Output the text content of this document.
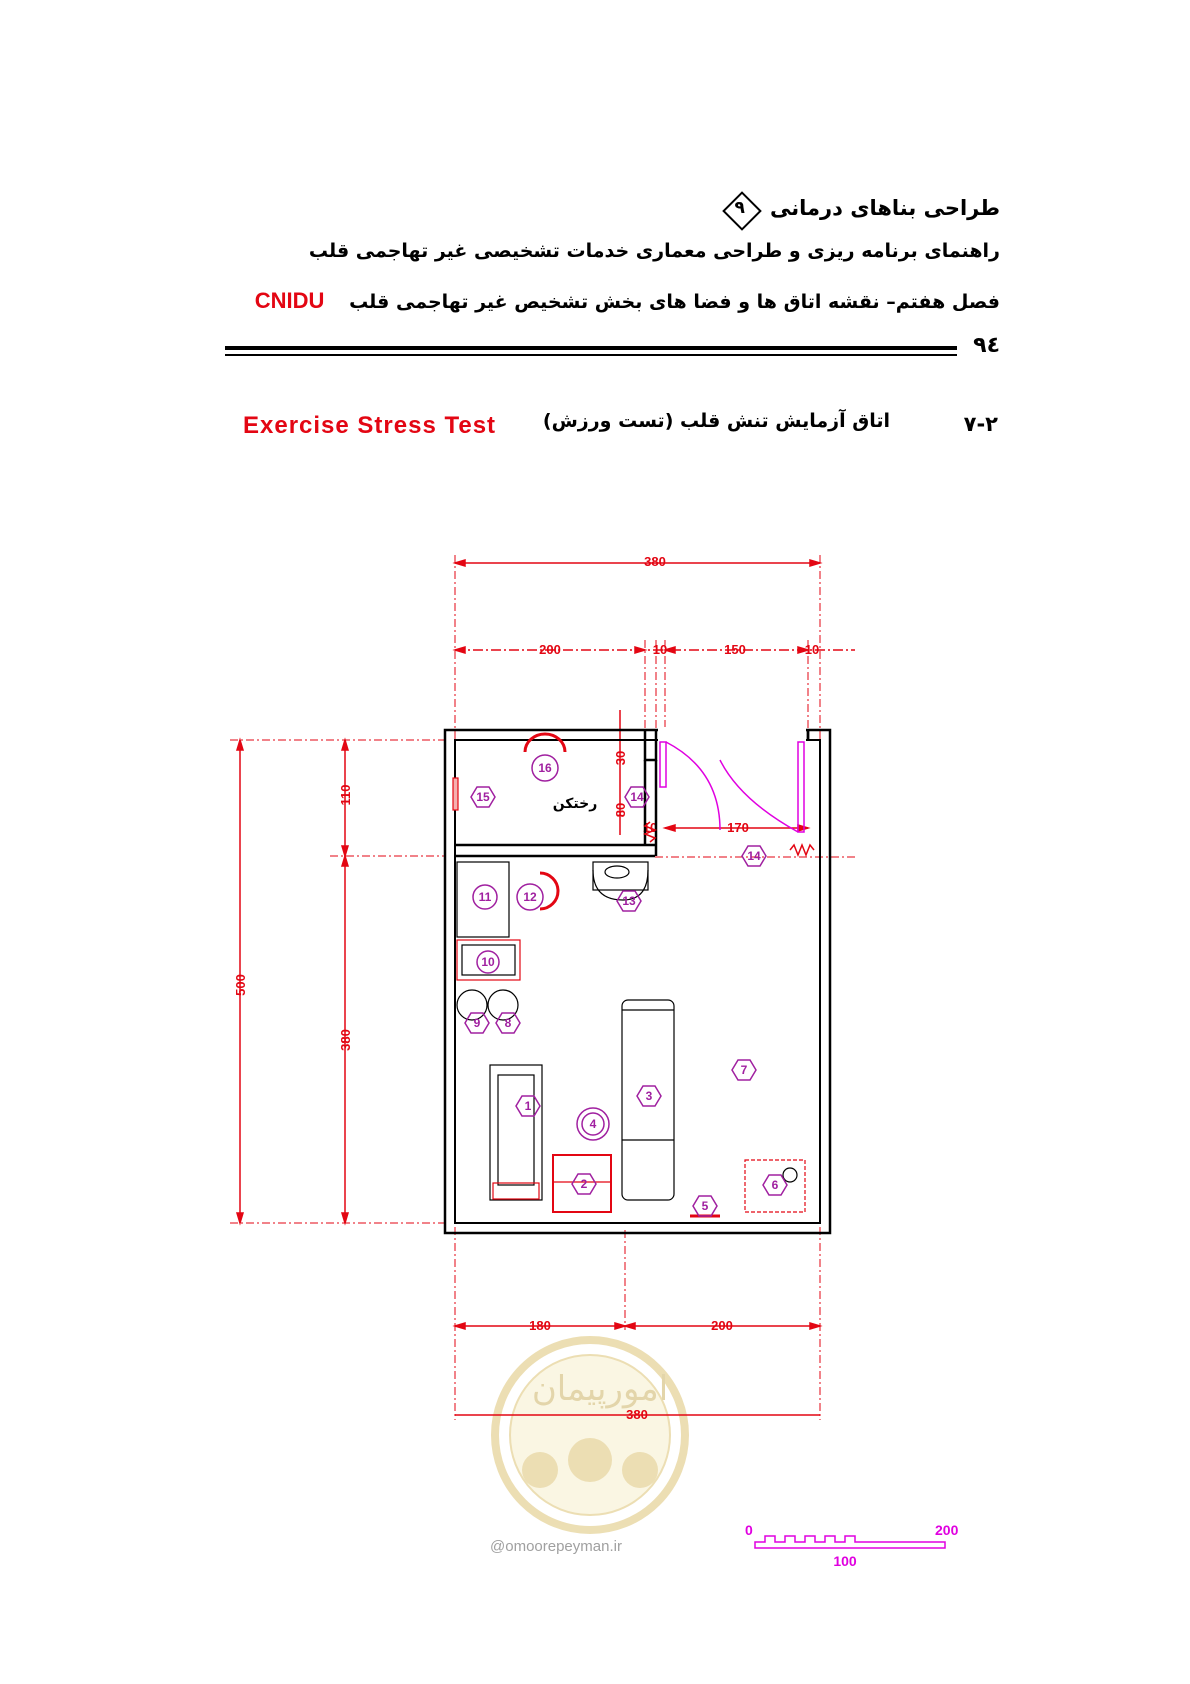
طراحی بناهای درمانی
۹
راهنمای برنامه ریزی و طراحی معماری خدمات تشخیصی غیر تهاجمی قلب
فصل هفتم– نقشه اتاق ها و فضا های بخش تشخیص غیر تهاجمی قلب CNIDU
۹٤
۷-۲
اتاق آزمایش تنش قلب (تست ورزش)
Exercise Stress Test
امورپیمان
380
200	10	150	10
180	200
380
500
110
380
30
80
10	170
16
15	14
14
11	12	13
10
9 8
7
1
3
4
2
5
6
رختکن
0	200
100
@omoorepeyman.ir
